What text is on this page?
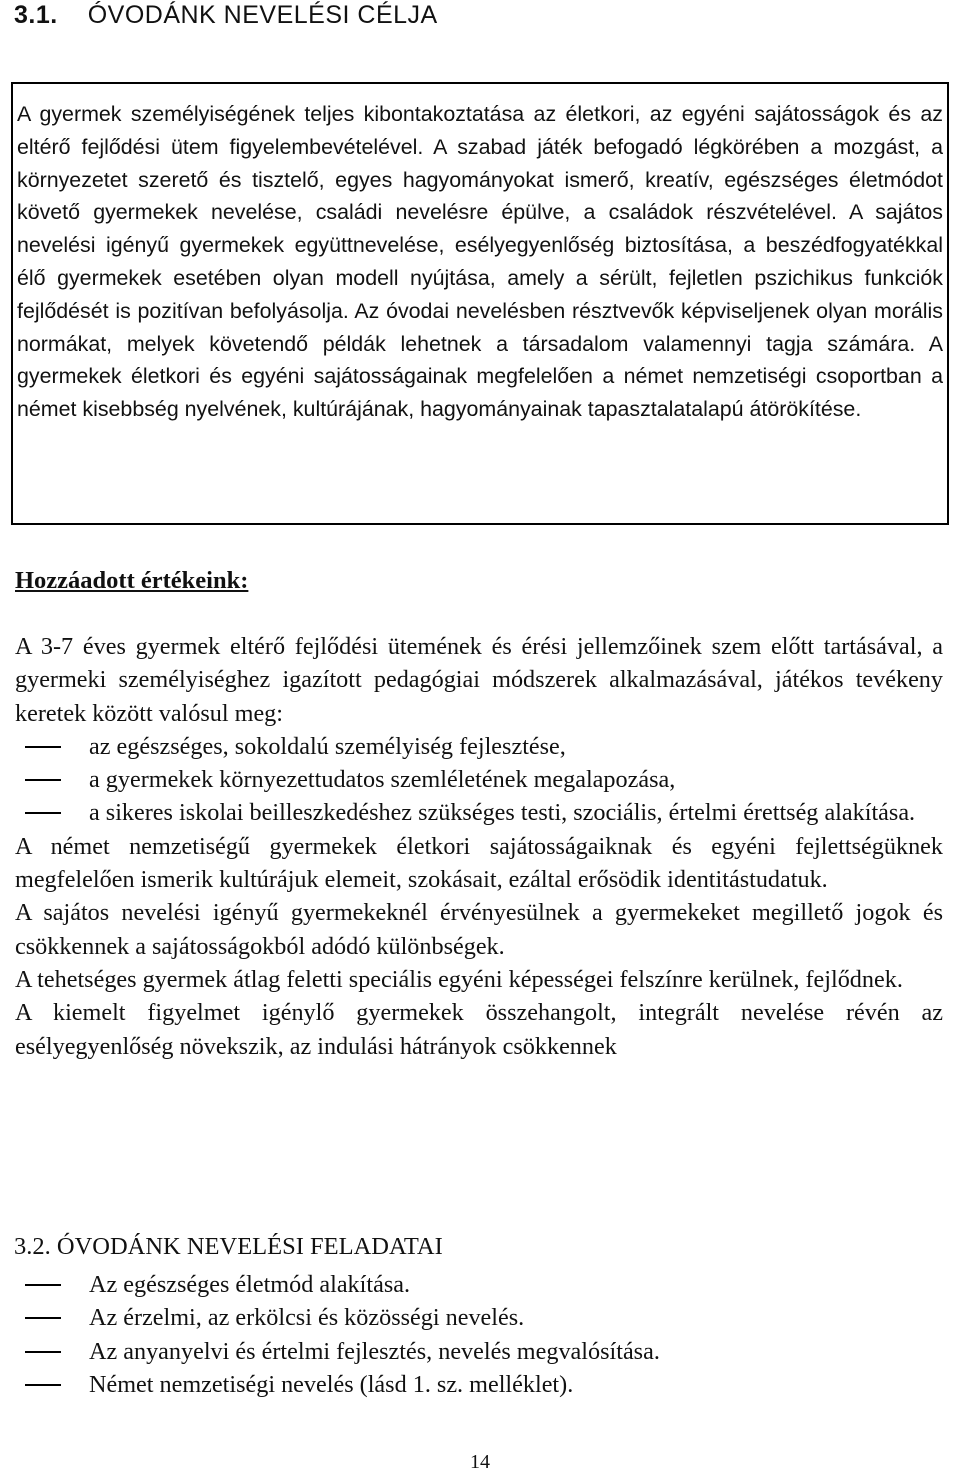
3.1. ÓVODÁNK NEVELÉSI CÉLJA

A gyermek személyiségének teljes kibontakoztatása az életkori, az egyéni sajátosságok és az eltérő fejlődési ütem figyelembevételével. A szabad játék befogadó légkörében a mozgást, a környezetet szerető és tisztelő, egyes hagyományokat ismerő, kreatív, egészséges életmódot követő gyermekek nevelése, családi nevelésre épülve, a családok részvételével. A sajátos nevelési igényű gyermekek együttnevelése, esélyegyenlőség biztosítása, a beszédfogyatékkal élő gyermekek esetében olyan modell nyújtása, amely a sérült, fejletlen pszichikus funkciók fejlődését is pozitívan befolyásolja. Az óvodai nevelésben résztvevők képviseljenek olyan morális normákat, melyek követendő példák lehetnek a társadalom valamennyi tagja számára. A gyermekek életkori és egyéni sajátosságainak megfelelően a német nemzetiségi csoportban a német kisebbség nyelvének, kultúrájának, hagyományainak tapasztalatalapú átörökítése.

Hozzáadott értékeink:

A 3-7 éves gyermek eltérő fejlődési ütemének és érési jellemzőinek szem előtt tartásával, a gyermeki személyiséghez igazított pedagógiai módszerek alkalmazásával, játékos tevékeny keretek között valósul meg:

az egészséges, sokoldalú személyiség fejlesztése,
a gyermekek környezettudatos szemléletének megalapozása,
a sikeres iskolai beilleszkedéshez szükséges testi, szociális, értelmi érettség alakítása.

A német nemzetiségű gyermekek életkori sajátosságaiknak és egyéni fejlettségüknek megfelelően ismerik kultúrájuk elemeit, szokásait, ezáltal erősödik identitástudatuk.

A sajátos nevelési igényű gyermekeknél érvényesülnek a gyermekeket megillető jogok és csökkennek a sajátosságokból adódó különbségek.

A tehetséges gyermek átlag feletti speciális egyéni képességei felszínre kerülnek, fejlődnek.

A kiemelt figyelmet igénylő gyermekek összehangolt, integrált nevelése révén az esélyegyenlőség növekszik, az indulási hátrányok csökkennek

3.2. ÓVODÁNK NEVELÉSI FELADATAI
Az egészséges életmód alakítása.
Az érzelmi, az erkölcsi és közösségi nevelés.
Az anyanyelvi és értelmi fejlesztés, nevelés megvalósítása.
Német nemzetiségi nevelés (lásd 1. sz. melléklet).
14
